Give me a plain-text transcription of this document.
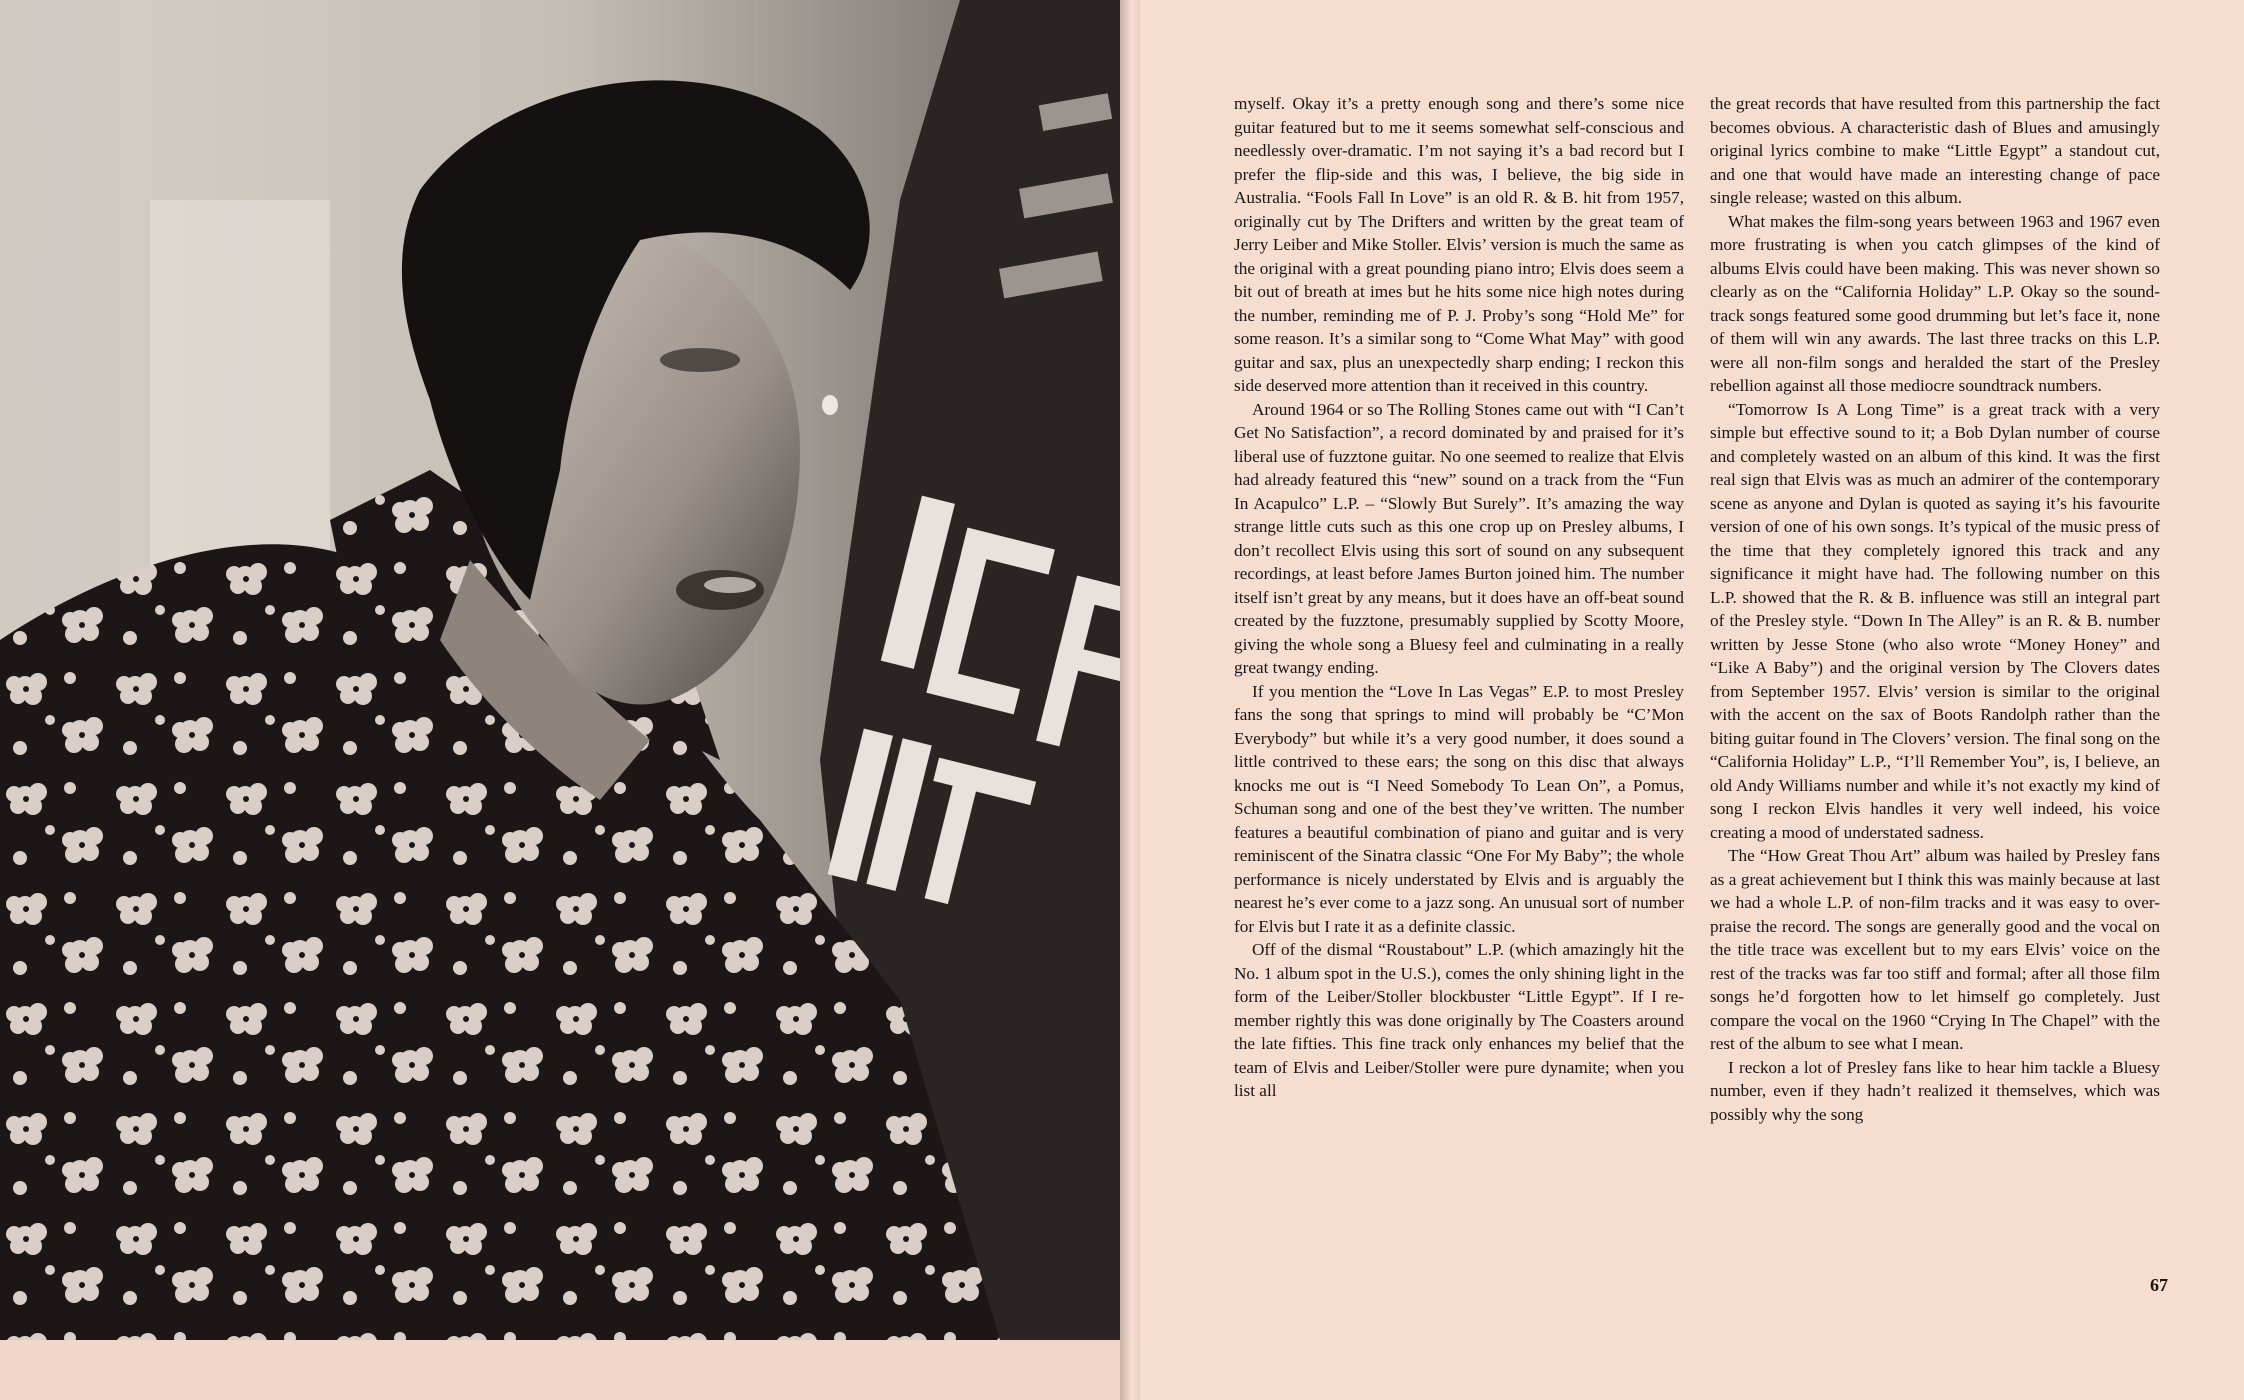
myself. Okay it’s a pretty enough song and there’s some nice guitar featured but to me it seems somewhat self-conscious and needlessly over-dramatic. I’m not saying it’s a bad record but I prefer the flip-side and this was, I believe, the big side in Australia. “Fools Fall In Love” is an old R. & B. hit from 1957, originally cut by The Drifters and written by the great team of Jerry Leiber and Mike Stoller. Elvis’ version is much the same as the original with a great pounding piano intro; Elvis does seem a bit out of breath at imes but he hits some nice high notes during the number, reminding me of P. J. Proby’s song “Hold Me” for some reason. It’s a similar song to “Come What May” with good guitar and sax, plus an unexpectedly sharp ending; I reckon this side deserved more attention than it received in this country.

Around 1964 or so The Rolling Stones came out with “I Can’t Get No Satisfaction”, a record dominated by and praised for it’s liberal use of fuzztone guitar. No one seemed to realize that Elvis had already featured this “new” sound on a track from the “Fun In Acapulco” L.P. – “Slowly But Surely”. It’s amazing the way strange little cuts such as this one crop up on Presley albums, I don’t recollect Elvis using this sort of sound on any subsequent recordings, at least before James Burton joined him. The number itself isn’t great by any means, but it does have an off-beat sound created by the fuzztone, presumably supplied by Scotty Moore, giving the whole song a Bluesy feel and culminating in a really great twangy ending.

If you mention the “Love In Las Vegas” E.P. to most Presley fans the song that springs to mind will probably be “C’Mon Everybody” but while it’s a very good number, it does sound a little contrived to these ears; the song on this disc that always knocks me out is “I Need Somebody To Lean On”, a Pomus, Schuman song and one of the best they’ve written. The number features a beautiful combination of piano and guitar and is very reminiscent of the Sinatra classic “One For My Baby”; the whole performance is nicely understated by Elvis and is arguably the nearest he’s ever come to a jazz song. An unusual sort of number for Elvis but I rate it as a definite classic.

Off of the dismal “Roustabout” L.P. (which amazingly hit the No. 1 album spot in the U.S.), comes the only shining light in the form of the Leiber/Stoller blockbuster “Little Egypt”. If I remember rightly this was done originally by The Coasters around the late fifties. This fine track only enhances my belief that the team of Elvis and Leiber/Stoller were pure dynamite; when you list all

the great records that have resulted from this partnership the fact becomes obvious. A characteristic dash of Blues and amusingly original lyrics combine to make “Little Egypt” a standout cut, and one that would have made an interesting change of pace single release; wasted on this album.

What makes the film-song years between 1963 and 1967 even more frustrating is when you catch glimpses of the kind of albums Elvis could have been making. This was never shown so clearly as on the “California Holiday” L.P. Okay so the soundtrack songs featured some good drumming but let’s face it, none of them will win any awards. The last three tracks on this L.P. were all non-film songs and heralded the start of the Presley rebellion against all those mediocre soundtrack numbers.

“Tomorrow Is A Long Time” is a great track with a very simple but effective sound to it; a Bob Dylan number of course and completely wasted on an album of this kind. It was the first real sign that Elvis was as much an admirer of the contemporary scene as anyone and Dylan is quoted as saying it’s his favourite version of one of his own songs. It’s typical of the music press of the time that they completely ignored this track and any significance it might have had. The following number on this L.P. showed that the R. & B. influence was still an integral part of the Presley style. “Down In The Alley” is an R. & B. number written by Jesse Stone (who also wrote “Money Honey” and “Like A Baby”) and the original version by The Clovers dates from September 1957. Elvis’ version is similar to the original with the accent on the sax of Boots Randolph rather than the biting guitar found in The Clovers’ version. The final song on the “California Holiday” L.P., “I’ll Remember You”, is, I believe, an old Andy Williams number and while it’s not exactly my kind of song I reckon Elvis handles it very well indeed, his voice creating a mood of understated sadness.

The “How Great Thou Art” album was hailed by Presley fans as a great achievement but I think this was mainly because at last we had a whole L.P. of non-film tracks and it was easy to over-praise the record. The songs are generally good and the vocal on the title trace was excellent but to my ears Elvis’ voice on the rest of the tracks was far too stiff and formal; after all those film songs he’d forgotten how to let himself go completely. Just compare the vocal on the 1960 “Crying In The Chapel” with the rest of the album to see what I mean.

I reckon a lot of Presley fans like to hear him tackle a Bluesy number, even if they hadn’t realized it themselves, which was possibly why the song

67
